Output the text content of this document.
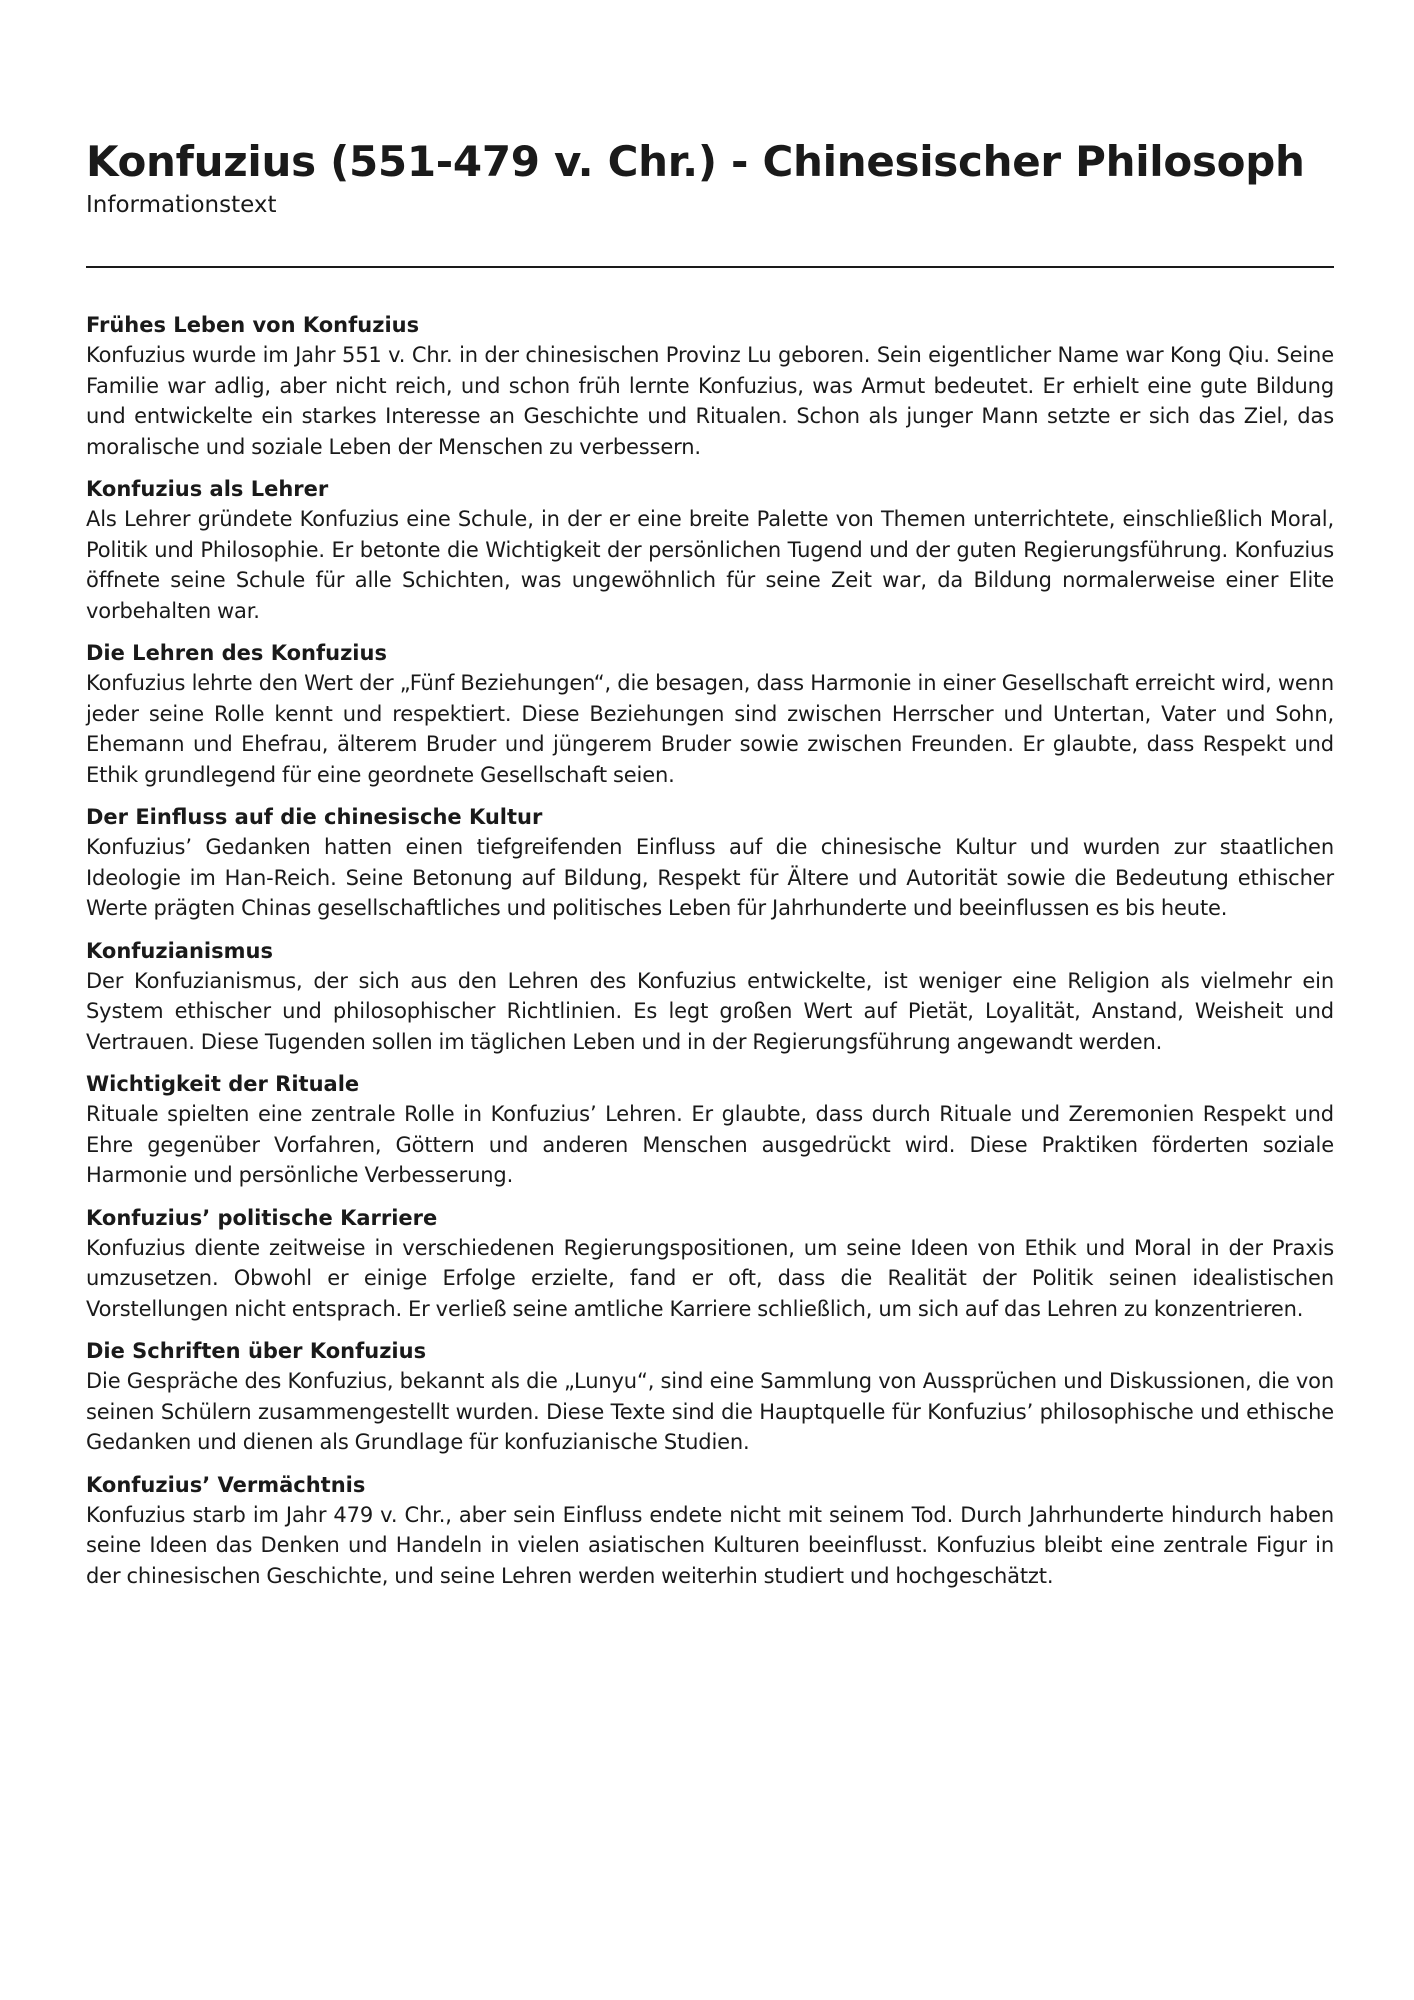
Konfuzius (551-479 v. Chr.) - Chinesischer Philosoph
Informationstext
Frühes Leben von Konfuzius

Konfuzius wurde im Jahr 551 v. Chr. in der chinesischen Provinz Lu geboren. Sein eigentlicher Name war Kong Qiu. Seine Familie war adlig, aber nicht reich, und schon früh lernte Konfuzius, was Armut bedeutet. Er erhielt eine gute Bildung und entwickelte ein starkes Interesse an Geschichte und Ritualen. Schon als junger Mann setzte er sich das Ziel, das moralische und soziale Leben der Menschen zu verbessern.

Konfuzius als Lehrer

Als Lehrer gründete Konfuzius eine Schule, in der er eine breite Palette von Themen unterrichtete, einschließlich Moral, Politik und Philosophie. Er betonte die Wichtigkeit der persönlichen Tugend und der guten Regierungsführung. Konfuzius öffnete seine Schule für alle Schichten, was ungewöhnlich für seine Zeit war, da Bildung normalerweise einer Elite vorbehalten war.

Die Lehren des Konfuzius

Konfuzius lehrte den Wert der „Fünf Beziehungen“, die besagen, dass Harmonie in einer Gesellschaft erreicht wird, wenn jeder seine Rolle kennt und respektiert. Diese Beziehungen sind zwischen Herrscher und Untertan, Vater und Sohn, Ehemann und Ehefrau, älterem Bruder und jüngerem Bruder sowie zwischen Freunden. Er glaubte, dass Respekt und Ethik grundlegend für eine geordnete Gesellschaft seien.

Der Einfluss auf die chinesische Kultur

Konfuzius’ Gedanken hatten einen tiefgreifenden Einfluss auf die chinesische Kultur und wurden zur staatlichen Ideologie im Han-Reich. Seine Betonung auf Bildung, Respekt für Ältere und Autorität sowie die Bedeutung ethischer Werte prägten Chinas gesellschaftliches und politisches Leben für Jahrhunderte und beeinflussen es bis heute.

Konfuzianismus

Der Konfuzianismus, der sich aus den Lehren des Konfuzius entwickelte, ist weniger eine Religion als vielmehr ein System ethischer und philosophischer Richtlinien. Es legt großen Wert auf Pietät, Loyalität, Anstand, Weisheit und Vertrauen. Diese Tugenden sollen im täglichen Leben und in der Regierungsführung angewandt werden.

Wichtigkeit der Rituale

Rituale spielten eine zentrale Rolle in Konfuzius’ Lehren. Er glaubte, dass durch Rituale und Zeremonien Respekt und Ehre gegenüber Vorfahren, Göttern und anderen Menschen ausgedrückt wird. Diese Praktiken förderten soziale Harmonie und persönliche Verbesserung.

Konfuzius’ politische Karriere

Konfuzius diente zeitweise in verschiedenen Regierungspositionen, um seine Ideen von Ethik und Moral in der Praxis umzusetzen. Obwohl er einige Erfolge erzielte, fand er oft, dass die Realität der Politik seinen idealistischen Vorstellungen nicht entsprach. Er verließ seine amtliche Karriere schließlich, um sich auf das Lehren zu konzentrieren.

Die Schriften über Konfuzius

Die Gespräche des Konfuzius, bekannt als die „Lunyu“, sind eine Sammlung von Aussprüchen und Diskussionen, die von seinen Schülern zusammengestellt wurden. Diese Texte sind die Hauptquelle für Konfuzius’ philosophische und ethische Gedanken und dienen als Grundlage für konfuzianische Studien.

Konfuzius’ Vermächtnis

Konfuzius starb im Jahr 479 v. Chr., aber sein Einfluss endete nicht mit seinem Tod. Durch Jahrhunderte hindurch haben seine Ideen das Denken und Handeln in vielen asiatischen Kulturen beeinflusst. Konfuzius bleibt eine zentrale Figur in der chinesischen Geschichte, und seine Lehren werden weiterhin studiert und hochgeschätzt.
